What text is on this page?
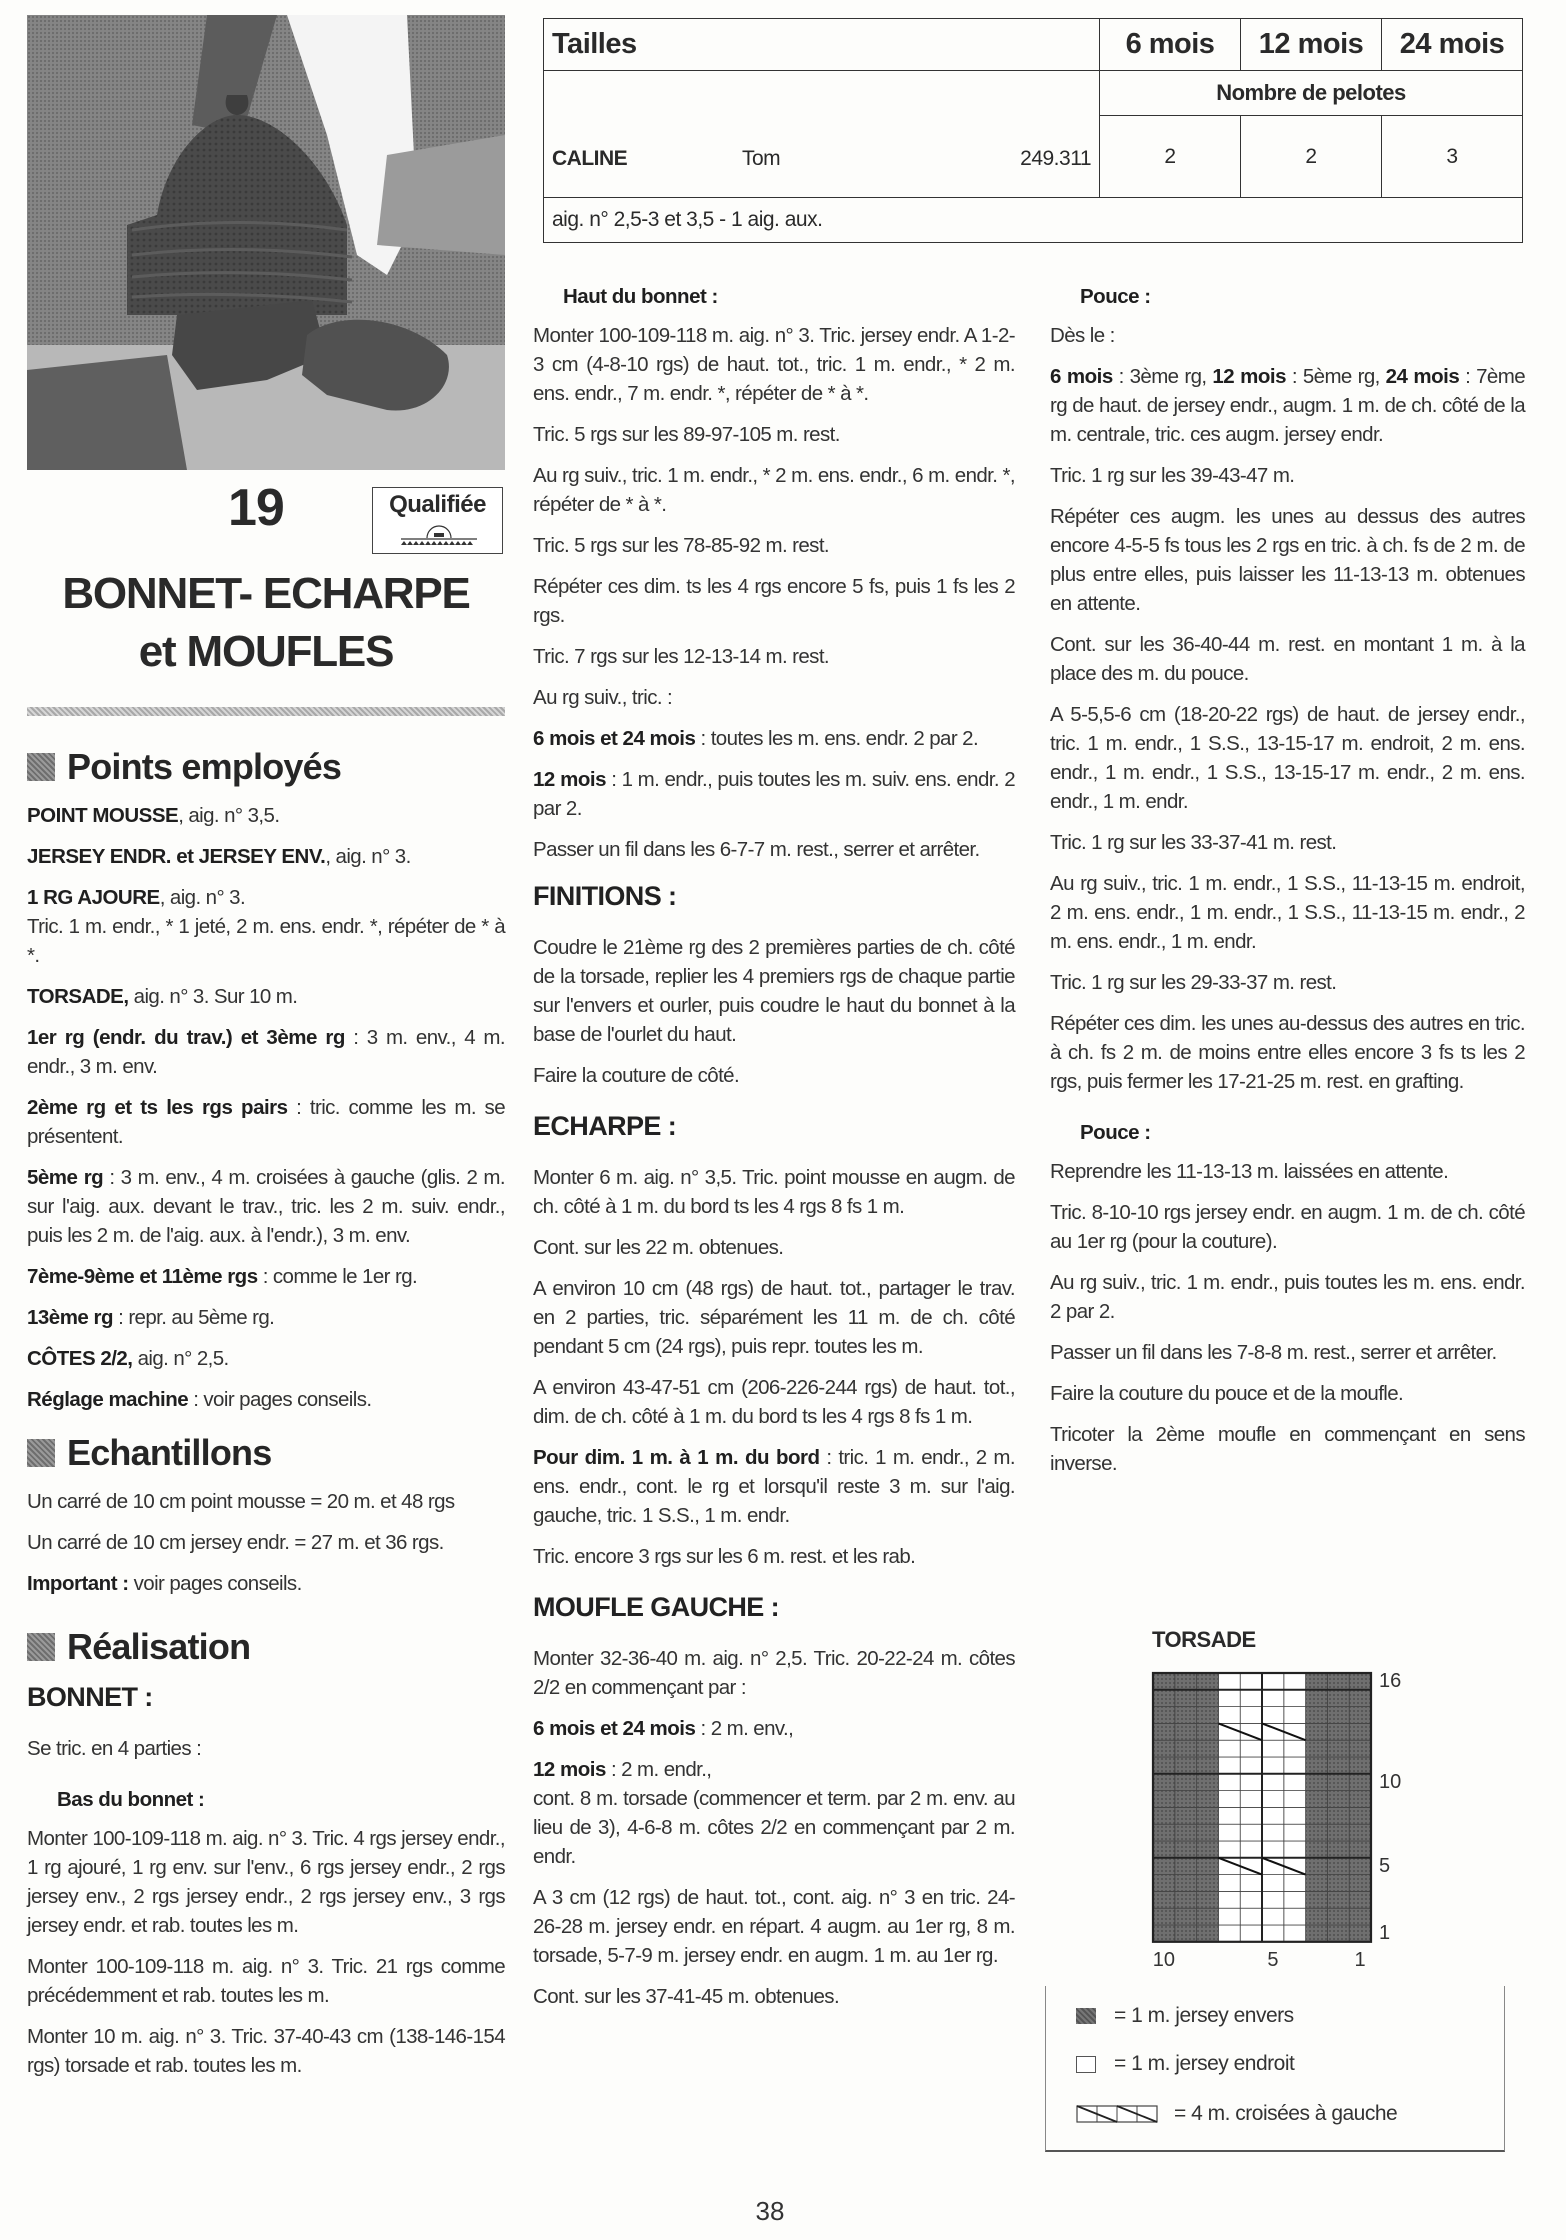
19	Qualifiée
BONNET- ECHARPE
et MOUFLES
Tailles	6 mois	12 mois	24 mois

CALINE Tom 249.311	Nombre de pelotes		
	2	2	3
aig. n° 2,5-3 et 3,5 - 1 aig. aux.			
Points employés

POINT MOUSSE, aig. n° 3,5.

JERSEY ENDR. et JERSEY ENV., aig. n° 3.

1 RG AJOURE, aig. n° 3.

Tric. 1 m. endr., * 1 jeté, 2 m. ens. endr. *, répéter de * à *.

TORSADE, aig. n° 3. Sur 10 m.

1er rg (endr. du trav.) et 3ème rg : 3 m. env., 4 m. endr., 3 m. env.

2ème rg et ts les rgs pairs : tric. comme les m. se présentent.

5ème rg : 3 m. env., 4 m. croisées à gauche (glis. 2 m. sur l'aig. aux. devant le trav., tric. les 2 m. suiv. endr., puis les 2 m. de l'aig. aux. à l'endr.), 3 m. env.

7ème-9ème et 11ème rgs : comme le 1er rg.

13ème rg : repr. au 5ème rg.

CÔTES 2/2, aig. n° 2,5.

Réglage machine : voir pages conseils.

Echantillons

Un carré de 10 cm point mousse = 20 m. et 48 rgs

Un carré de 10 cm jersey endr. = 27 m. et 36 rgs.

Important : voir pages conseils.

Réalisation

BONNET :

Se tric. en 4 parties :

Bas du bonnet :

Monter 100-109-118 m. aig. n° 3. Tric. 4 rgs jersey endr., 1 rg ajouré, 1 rg env. sur l'env., 6 rgs jersey endr., 2 rgs jersey env., 2 rgs jersey endr., 2 rgs jersey env., 3 rgs jersey endr. et rab. toutes les m.

Monter 100-109-118 m. aig. n° 3. Tric. 21 rgs comme précédemment et rab. toutes les m.

Monter 10 m. aig. n° 3. Tric. 37-40-43 cm (138-146-154 rgs) torsade et rab. toutes les m.

Haut du bonnet :

Monter 100-109-118 m. aig. n° 3. Tric. jersey endr. A 1-2-3 cm (4-8-10 rgs) de haut. tot., tric. 1 m. endr., * 2 m. ens. endr., 7 m. endr. *, répéter de * à *.

Tric. 5 rgs sur les 89-97-105 m. rest.

Au rg suiv., tric. 1 m. endr., * 2 m. ens. endr., 6 m. endr. *, répéter de * à *.

Tric. 5 rgs sur les 78-85-92 m. rest.

Répéter ces dim. ts les 4 rgs encore 5 fs, puis 1 fs les 2 rgs.

Tric. 7 rgs sur les 12-13-14 m. rest.

Au rg suiv., tric. :

6 mois et 24 mois : toutes les m. ens. endr. 2 par 2.

12 mois : 1 m. endr., puis toutes les m. suiv. ens. endr. 2 par 2.

Passer un fil dans les 6-7-7 m. rest., serrer et arrêter.

FINITIONS :

Coudre le 21ème rg des 2 premières parties de ch. côté de la torsade, replier les 4 premiers rgs de chaque partie sur l'envers et ourler, puis coudre le haut du bonnet à la base de l'ourlet du haut.

Faire la couture de côté.

ECHARPE :

Monter 6 m. aig. n° 3,5. Tric. point mousse en augm. de ch. côté à 1 m. du bord ts les 4 rgs 8 fs 1 m.

Cont. sur les 22 m. obtenues.

A environ 10 cm (48 rgs) de haut. tot., partager le trav. en 2 parties, tric. séparément les 11 m. de ch. côté pendant 5 cm (24 rgs), puis repr. toutes les m.

A environ 43-47-51 cm (206-226-244 rgs) de haut. tot., dim. de ch. côté à 1 m. du bord ts les 4 rgs 8 fs 1 m.

Pour dim. 1 m. à 1 m. du bord : tric. 1 m. endr., 2 m. ens. endr., cont. le rg et lorsqu'il reste 3 m. sur l'aig. gauche, tric. 1 S.S., 1 m. endr.

Tric. encore 3 rgs sur les 6 m. rest. et les rab.

MOUFLE GAUCHE :

Monter 32-36-40 m. aig. n° 2,5. Tric. 20-22-24 m. côtes 2/2 en commençant par :

6 mois et 24 mois : 2 m. env.,

12 mois : 2 m. endr.,

cont. 8 m. torsade (commencer et term. par 2 m. env. au lieu de 3), 4-6-8 m. côtes 2/2 en commençant par 2 m. endr.

A 3 cm (12 rgs) de haut. tot., cont. aig. n° 3 en tric. 24-26-28 m. jersey endr. en répart. 4 augm. au 1er rg, 8 m. torsade, 5-7-9 m. jersey endr. en augm. 1 m. au 1er rg.

Cont. sur les 37-41-45 m. obtenues.

Pouce :

Dès le :

6 mois : 3ème rg, 12 mois : 5ème rg, 24 mois : 7ème rg de haut. de jersey endr., augm. 1 m. de ch. côté de la m. centrale, tric. ces augm. jersey endr.

Tric. 1 rg sur les 39-43-47 m.

Répéter ces augm. les unes au dessus des autres encore 4-5-5 fs tous les 2 rgs en tric. à ch. fs de 2 m. de plus entre elles, puis laisser les 11-13-13 m. obtenues en attente.

Cont. sur les 36-40-44 m. rest. en montant 1 m. à la place des m. du pouce.

A 5-5,5-6 cm (18-20-22 rgs) de haut. de jersey endr., tric. 1 m. endr., 1 S.S., 13-15-17 m. endroit, 2 m. ens. endr., 1 m. endr., 1 S.S., 13-15-17 m. endr., 2 m. ens. endr., 1 m. endr.

Tric. 1 rg sur les 33-37-41 m. rest.

Au rg suiv., tric. 1 m. endr., 1 S.S., 11-13-15 m. endroit, 2 m. ens. endr., 1 m. endr., 1 S.S., 11-13-15 m. endr., 2 m. ens. endr., 1 m. endr.

Tric. 1 rg sur les 29-33-37 m. rest.

Répéter ces dim. les unes au-dessus des autres en tric. à ch. fs 2 m. de moins entre elles encore 3 fs ts les 2 rgs, puis fermer les 17-21-25 m. rest. en grafting.

Pouce :

Reprendre les 11-13-13 m. laissées en attente.

Tric. 8-10-10 rgs jersey endr. en augm. 1 m. de ch. côté au 1er rg (pour la couture).

Au rg suiv., tric. 1 m. endr., puis toutes les m. ens. endr. 2 par 2.

Passer un fil dans les 7-8-8 m. rest., serrer et arrêter.

Faire la couture du pouce et de la moufle.

Tricoter la 2ème moufle en commençant en sens inverse.

TORSADE
16
10
5
1
10	5	1
= 1 m. jersey envers
= 1 m. jersey endroit
= 4 m. croisées à gauche
38
